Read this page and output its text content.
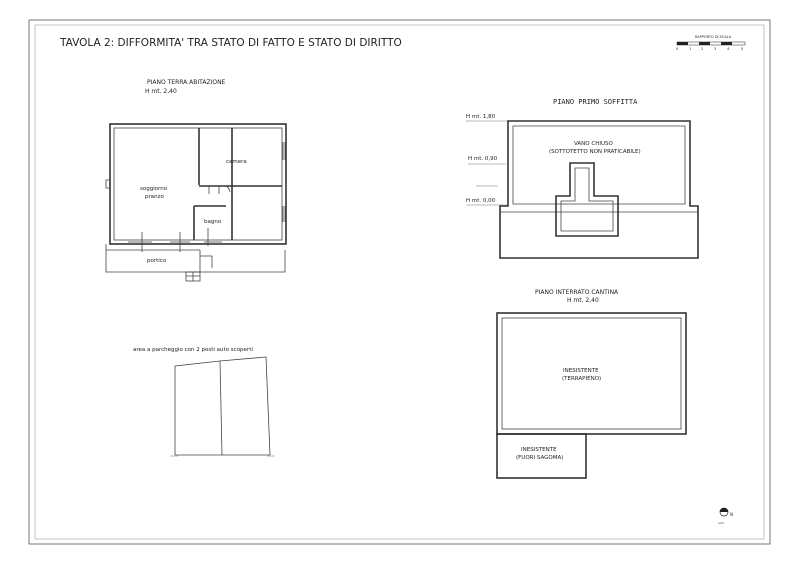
TAVOLA 2: DIFFORMITA' TRA STATO DI FATTO E STATO DI DIRITTO	RAPPORTO DI SCALA
0	1	2	3	4	5
PIANO TERRA ABITAZIONE
H mt. 2,40
soggiorno
pranzo
camera
bagno
portico
PIANO PRIMO SOFFITTA
H mt. 1,80
H mt. 0,90
H mt. 0,00
VANO CHIUSO
(SOTTOTETTO NON PRATICABILE)
PIANO INTERRATO CANTINA
H mt. 2,40
INESISTENTE
(TERRAPIENO)
INESISTENTE
(FUORI SAGOMA)
area a parcheggio con 2 posti auto scoperti
N
nord
